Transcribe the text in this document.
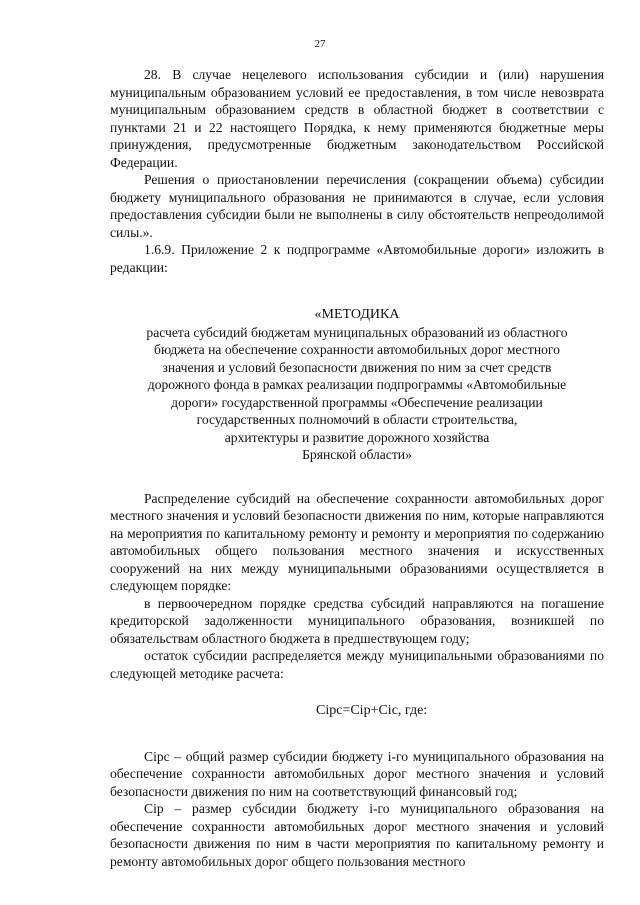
27

28. В случае нецелевого использования субсидии и (или) нарушения муниципальным образованием условий ее предоставления, в том числе невозврата муниципальным образованием средств в областной бюджет в соответствии с пунктами 21 и 22 настоящего Порядка, к нему применяются бюджетные меры принуждения, предусмотренные бюджетным законодательством Российской Федерации.

Решения о приостановлении перечисления (сокращении объема) субсидии бюджету муниципального образования не принимаются в случае, если условия предоставления субсидии были не выполнены в силу обстоятельств непреодолимой силы.».

1.6.9. Приложение 2 к подпрограмме «Автомобильные дороги» изложить в редакции:

«МЕТОДИКА
расчета субсидий бюджетам муниципальных образований из областного
бюджета на обеспечение сохранности автомобильных дорог местного
значения и условий безопасности движения по ним за счет средств
дорожного фонда в рамках реализации подпрограммы «Автомобильные
дороги» государственной программы «Обеспечение реализации
государственных полномочий в области строительства,
архитектуры и развитие дорожного хозяйства
Брянской области»

Распределение субсидий на обеспечение сохранности автомобильных дорог местного значения и условий безопасности движения по ним, которые направляются на мероприятия по капитальному ремонту и ремонту и мероприятия по содержанию автомобильных общего пользования местного значения и искусственных сооружений на них между муниципальными образованиями осуществляется в следующем порядке:

в первоочередном порядке средства субсидий направляются на погашение кредиторской задолженности муниципального образования, возникшей по обязательствам областного бюджета в предшествующем году;

остаток субсидии распределяется между муниципальными образованиями по следующей методике расчета:

Cipc=Cip+Cic, где:

Cipc – общий размер субсидии бюджету i-го муниципального образования на обеспечение сохранности автомобильных дорог местного значения и условий безопасности движения по ним на соответствующий финансовый год;

Cip – размер субсидии бюджету i-го муниципального образования на обеспечение сохранности автомобильных дорог местного значения и условий безопасности движения по ним в части мероприятия по капитальному ремонту и ремонту автомобильных дорог общего пользования местного
